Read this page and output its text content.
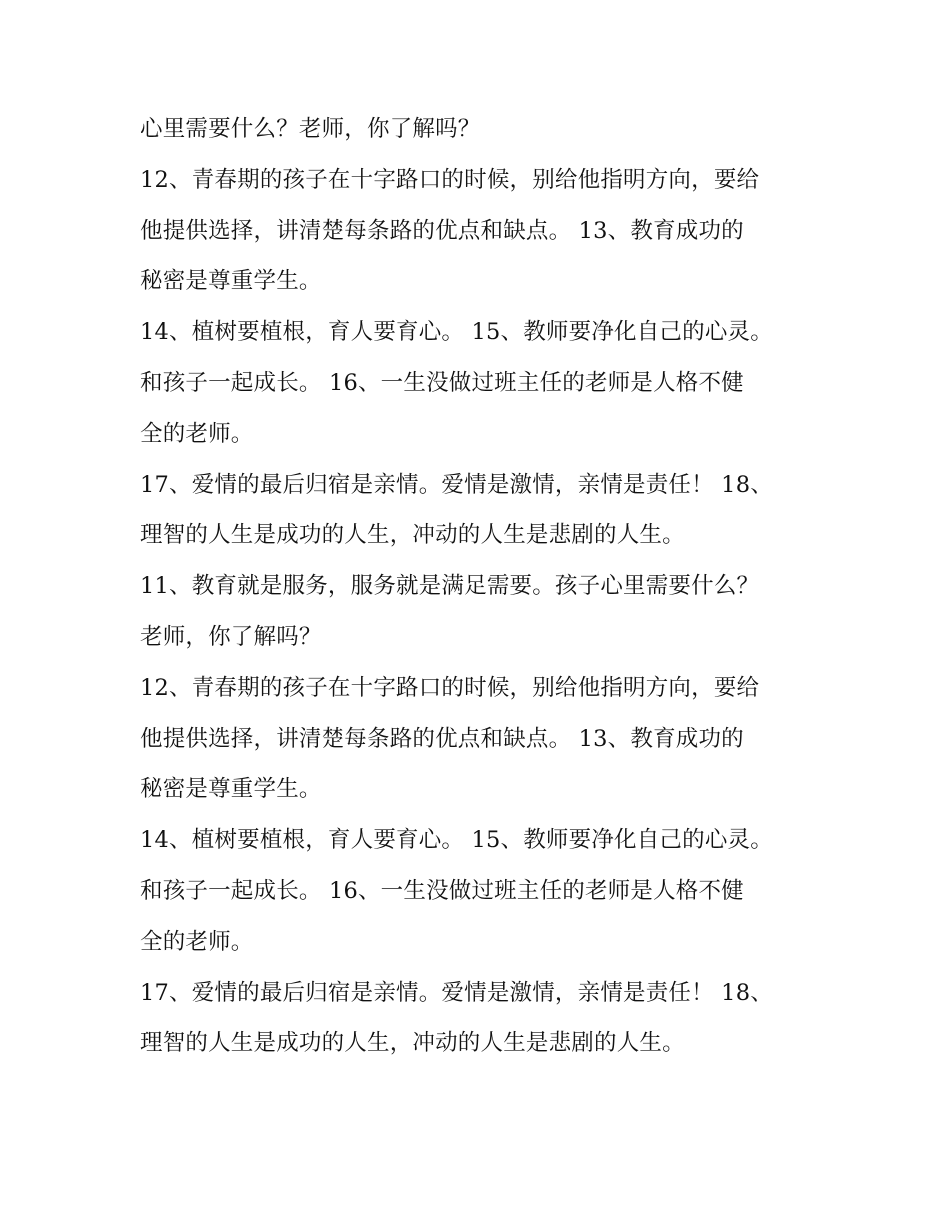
心里需要什么？老师，你了解吗？

12、青春期的孩子在十字路口的时候，别给他指明方向，要给

他提供选择，讲清楚每条路的优点和缺点。 13、教育成功的

秘密是尊重学生。

14、植树要植根，育人要育心。 15、教师要净化自己的心灵。

和孩子一起成长。 16、一生没做过班主任的老师是人格不健

全的老师。

17、爱情的最后归宿是亲情。爱情是激情，亲情是责任！ 18、

理智的人生是成功的人生，冲动的人生是悲剧的人生。

11、教育就是服务，服务就是满足需要。孩子心里需要什么？

老师，你了解吗？

12、青春期的孩子在十字路口的时候，别给他指明方向，要给

他提供选择，讲清楚每条路的优点和缺点。 13、教育成功的

秘密是尊重学生。

14、植树要植根，育人要育心。 15、教师要净化自己的心灵。

和孩子一起成长。 16、一生没做过班主任的老师是人格不健

全的老师。

17、爱情的最后归宿是亲情。爱情是激情，亲情是责任！ 18、

理智的人生是成功的人生，冲动的人生是悲剧的人生。
